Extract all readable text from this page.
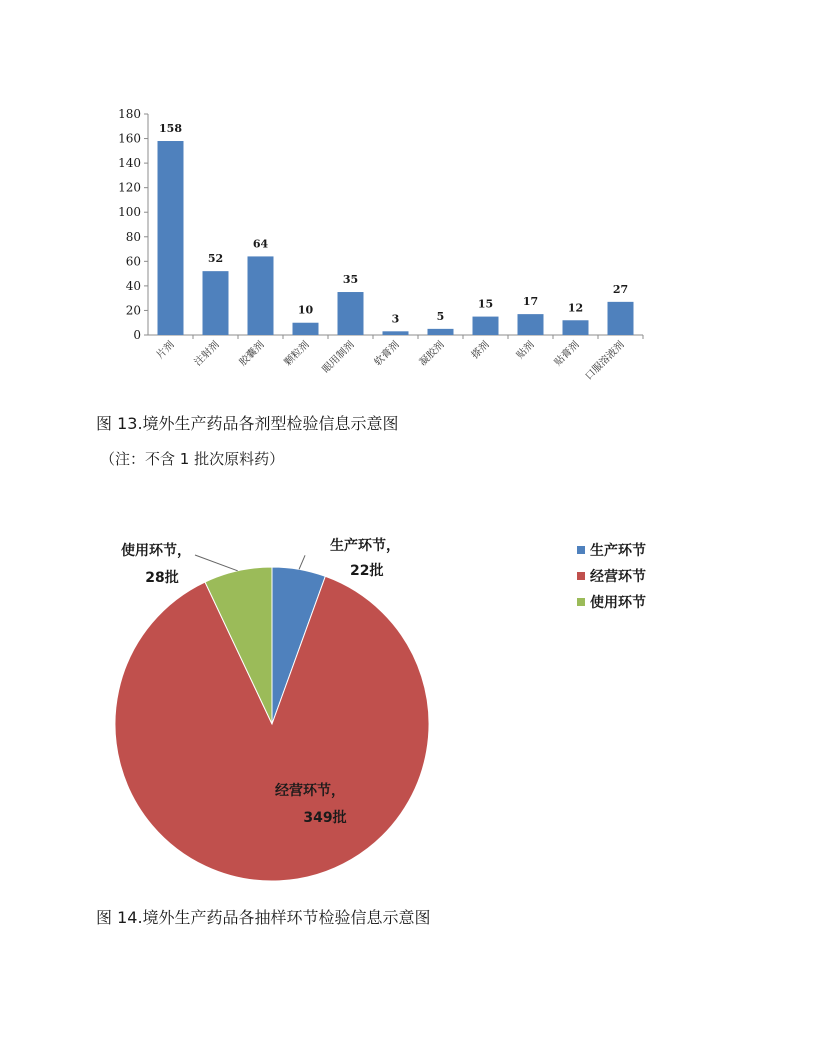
0
20
40
60
80
100
120
140
160
180
158
片剂
52
注射剂
64
胶囊剂
10
颗粒剂
35
眼用制剂
3
软膏剂
5
凝胶剂
15
搽剂
17
贴剂
12
贴膏剂
27
口服溶液剂
图 13.境外生产药品各剂型检验信息示意图
（注：不含 1 批次原料药）
生产环节，
22批
经营环节，
349批
使用环节，
28批
生产环节
经营环节
使用环节
图 14.境外生产药品各抽样环节检验信息示意图
